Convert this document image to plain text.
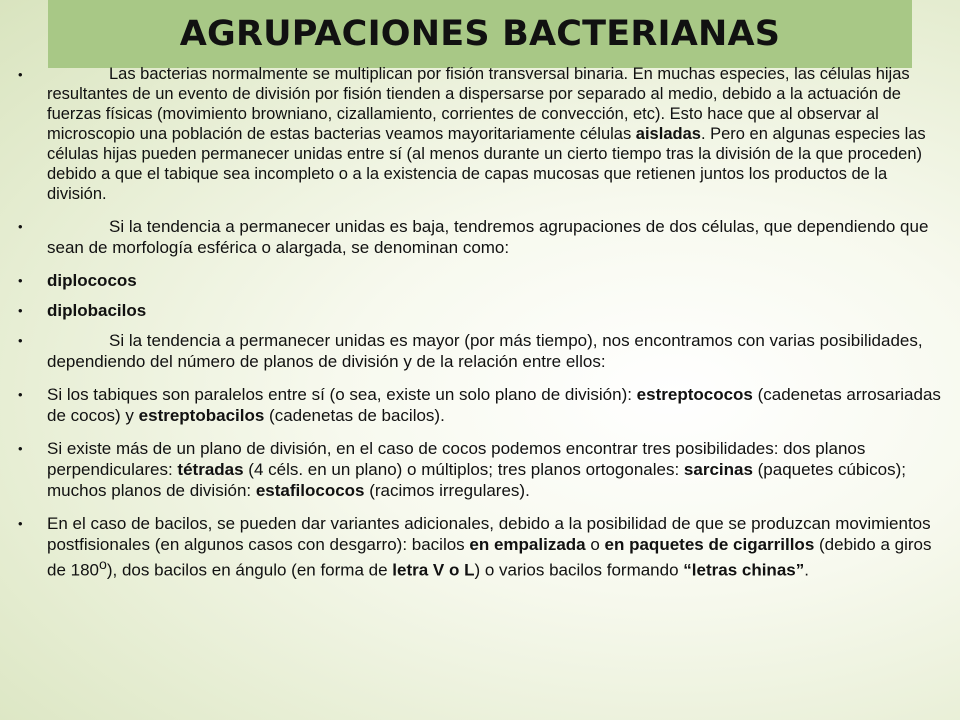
AGRUPACIONES BACTERIANAS
•	Las bacterias normalmente se multiplican por fisión transversal binaria. En muchas especies, las células hijas resultantes de un evento de división por fisión tienden a dispersarse por separado al medio, debido a la actuación de fuerzas físicas (movimiento browniano, cizallamiento, corrientes de convección, etc). Esto hace que al observar al microscopio una población de estas bacterias veamos mayoritariamente células aisladas. Pero en algunas especies las células hijas pueden permanecer unidas entre sí (al menos durante un cierto tiempo tras la división de la que proceden) debido a que el tabique sea incompleto o a la existencia de capas mucosas que retienen juntos los productos de la división.
•	Si la tendencia a permanecer unidas es baja, tendremos agrupaciones de dos células, que dependiendo que sean de morfología esférica o alargada, se denominan como:
• diplococos
• diplobacilos
•	Si la tendencia a permanecer unidas es mayor (por más tiempo), nos encontramos con varias posibilidades, dependiendo del número de planos de división y de la relación entre ellos:
• Si los tabiques son paralelos entre sí (o sea, existe un solo plano de división): estreptococos (cadenetas arrosariadas de cocos) y estreptobacilos (cadenetas de bacilos).
• Si existe más de un plano de división, en el caso de cocos podemos encontrar tres posibilidades: dos planos perpendiculares: tétradas (4 céls. en un plano) o múltiplos; tres planos ortogonales: sarcinas (paquetes cúbicos); muchos planos de división: estafilococos (racimos irregulares).
• En el caso de bacilos, se pueden dar variantes adicionales, debido a la posibilidad de que se produzcan movimientos postfisionales (en algunos casos con desgarro): bacilos en empalizada o en paquetes de cigarrillos (debido a giros de 180$^o$), dos bacilos en ángulo (en forma de letra V o L) o varios bacilos formando “letras chinas”.
